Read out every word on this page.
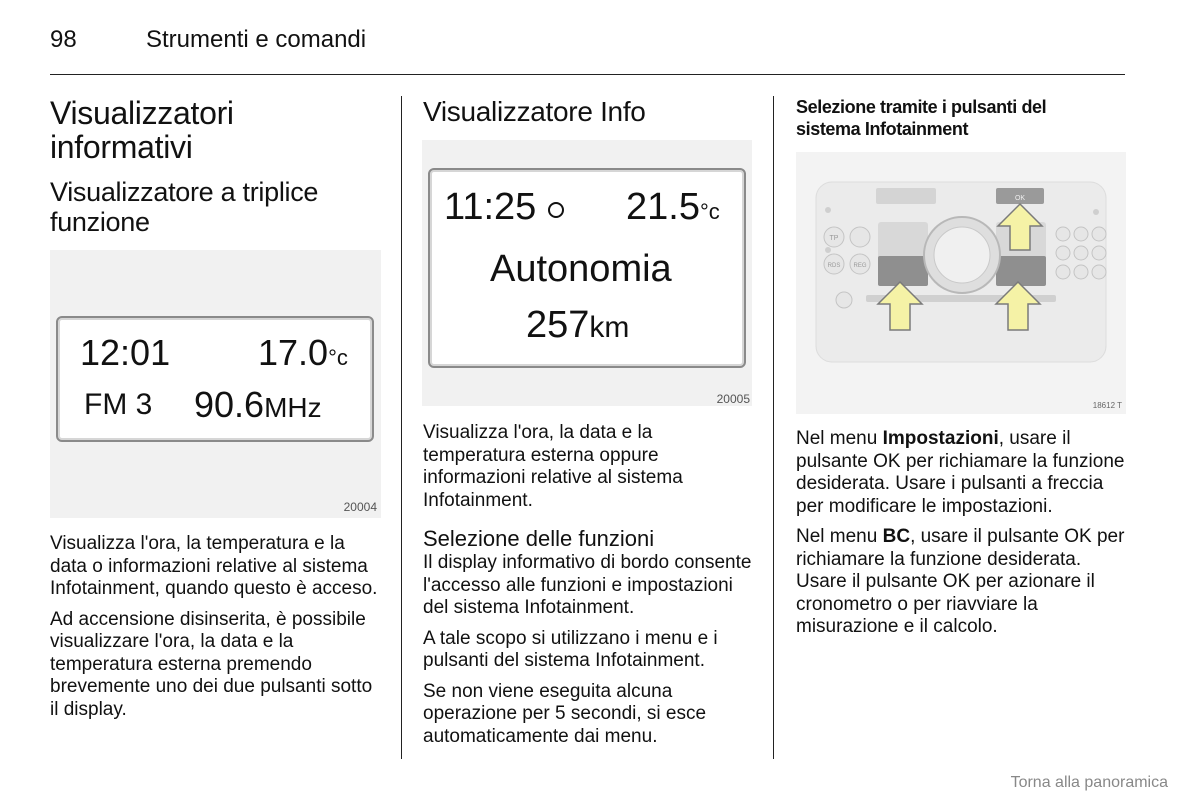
98	Strumenti e comandi
Visualizzatori informativi
Visualizzatore a triplice funzione
12:01 17.0°c
FM 3 90.6MHz
20004

Visualizza l'ora, la temperatura e la data o informazioni relative al sistema Infotainment, quando questo è acceso.

Ad accensione disinserita, è possibile visualizzare l'ora, la data e la temperatura esterna premendo brevemente uno dei due pulsanti sotto il display.

Visualizzatore Info
11:25 21.5°c
Autonomia
257km
20005

Visualizza l'ora, la data e la temperatura esterna oppure informazioni relative al sistema Infotainment.

Selezione delle funzioni

Il display informativo di bordo consente l'accesso alle funzioni e impostazioni del sistema Infotainment.

A tale scopo si utilizzano i menu e i pulsanti del sistema Infotainment.

Se non viene eseguita alcuna operazione per 5 secondi, si esce automaticamente dai menu.

Selezione tramite i pulsanti del sistema Infotainment
OK
TP
RDS REG
18612 T

Nel menu Impostazioni, usare il pulsante OK per richiamare la funzione desiderata. Usare i pulsanti a freccia per modificare le impostazioni.

Nel menu BC, usare il pulsante OK per richiamare la funzione desiderata. Usare il pulsante OK per azionare il cronometro o per riavviare la misurazione e il calcolo.

Torna alla panoramica
